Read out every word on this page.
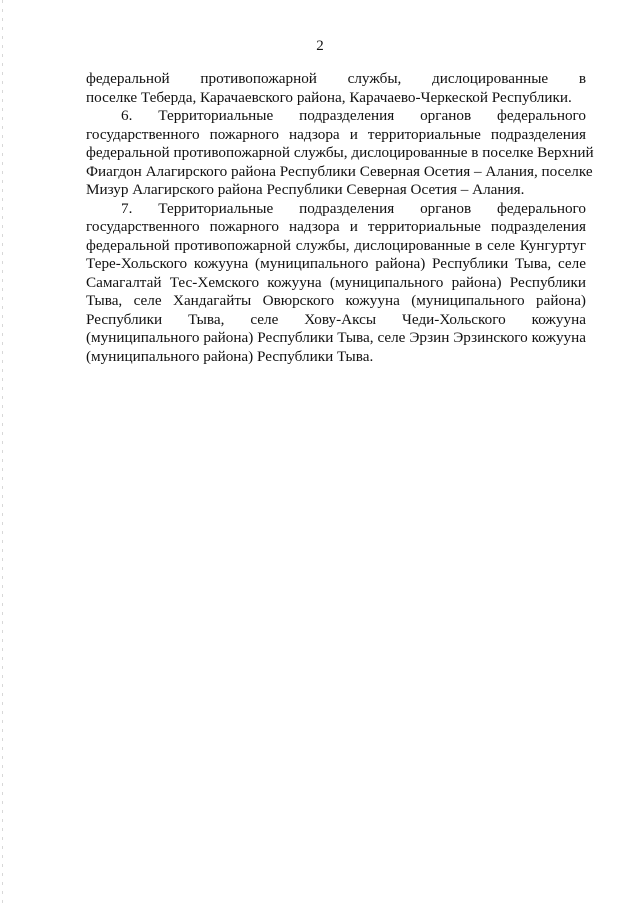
2
федеральной противопожарной службы, дислоцированные в
поселке Теберда, Карачаевского района, Карачаево-Черкеской Республики.
6. Территориальные подразделения органов федерального
государственного пожарного надзора и территориальные подразделения
федеральной противопожарной службы, дислоцированные в поселке Верхний
Фиагдон Алагирского района Республики Северная Осетия – Алания, поселке
Мизур Алагирского района Республики Северная Осетия – Алания.
7. Территориальные подразделения органов федерального
государственного пожарного надзора и территориальные подразделения
федеральной противопожарной службы, дислоцированные в селе Кунгуртуг
Тере-Хольского кожууна (муниципального района) Республики Тыва, селе
Самагалтай Тес-Хемского кожууна (муниципального района) Республики
Тыва, селе Хандагайты Овюрского кожууна (муниципального района)
Республики Тыва, селе Хову-Аксы Чеди-Хольского кожууна
(муниципального района) Республики Тыва, селе Эрзин Эрзинского кожууна
(муниципального района) Республики Тыва.
